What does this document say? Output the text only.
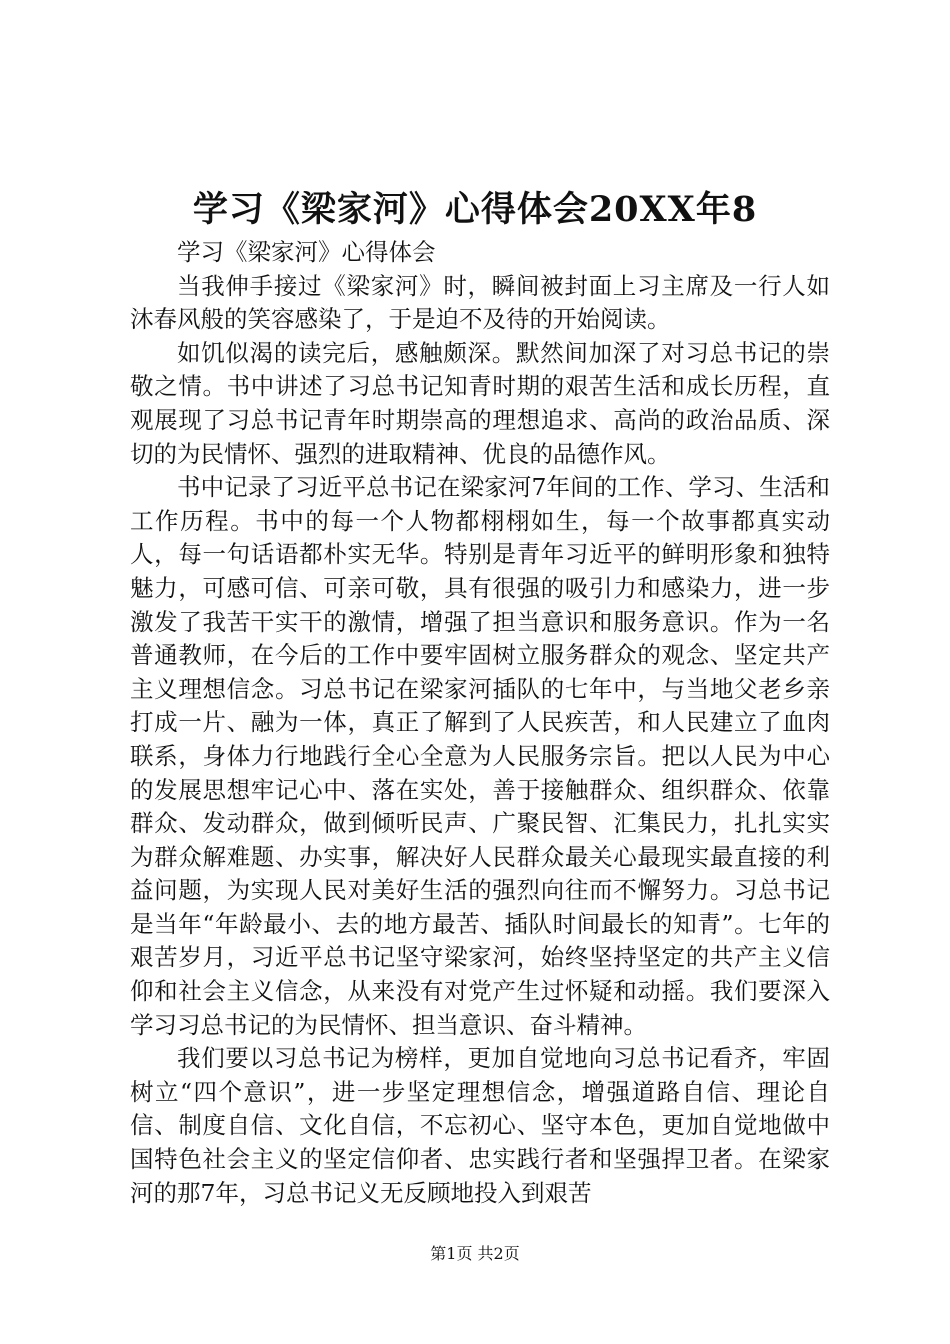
学习《梁家河》心得体会20XX年8

学习《梁家河》心得体会

当我伸手接过《梁家河》时，瞬间被封面上习主席及一行人如沐春风般的笑容感染了，于是迫不及待的开始阅读。

如饥似渴的读完后，感触颇深。默然间加深了对习总书记的崇敬之情。书中讲述了习总书记知青时期的艰苦生活和成长历程，直观展现了习总书记青年时期崇高的理想追求、高尚的政治品质、深切的为民情怀、强烈的进取精神、优良的品德作风。

书中记录了习近平总书记在梁家河7年间的工作、学习、生活和工作历程。书中的每一个人物都栩栩如生，每一个故事都真实动人，每一句话语都朴实无华。特别是青年习近平的鲜明形象和独特魅力，可感可信、可亲可敬，具有很强的吸引力和感染力，进一步激发了我苦干实干的激情，增强了担当意识和服务意识。作为一名普通教师，在今后的工作中要牢固树立服务群众的观念、坚定共产主义理想信念。习总书记在梁家河插队的七年中，与当地父老乡亲打成一片、融为一体，真正了解到了人民疾苦，和人民建立了血肉联系，身体力行地践行全心全意为人民服务宗旨。把以人民为中心的发展思想牢记心中、落在实处，善于接触群众、组织群众、依靠群众、发动群众，做到倾听民声、广聚民智、汇集民力，扎扎实实为群众解难题、办实事，解决好人民群众最关心最现实最直接的利益问题，为实现人民对美好生活的强烈向往而不懈努力。习总书记是当年“年龄最小、去的地方最苦、插队时间最长的知青”。七年的艰苦岁月，习近平总书记坚守梁家河，始终坚持坚定的共产主义信仰和社会主义信念，从来没有对党产生过怀疑和动摇。我们要深入学习习总书记的为民情怀、担当意识、奋斗精神。

我们要以习总书记为榜样，更加自觉地向习总书记看齐，牢固树立“四个意识”，进一步坚定理想信念，增强道路自信、理论自信、制度自信、文化自信，不忘初心、坚守本色，更加自觉地做中国特色社会主义的坚定信仰者、忠实践行者和坚强捍卫者。在梁家河的那7年，习总书记义无反顾地投入到艰苦

第1页 共2页
